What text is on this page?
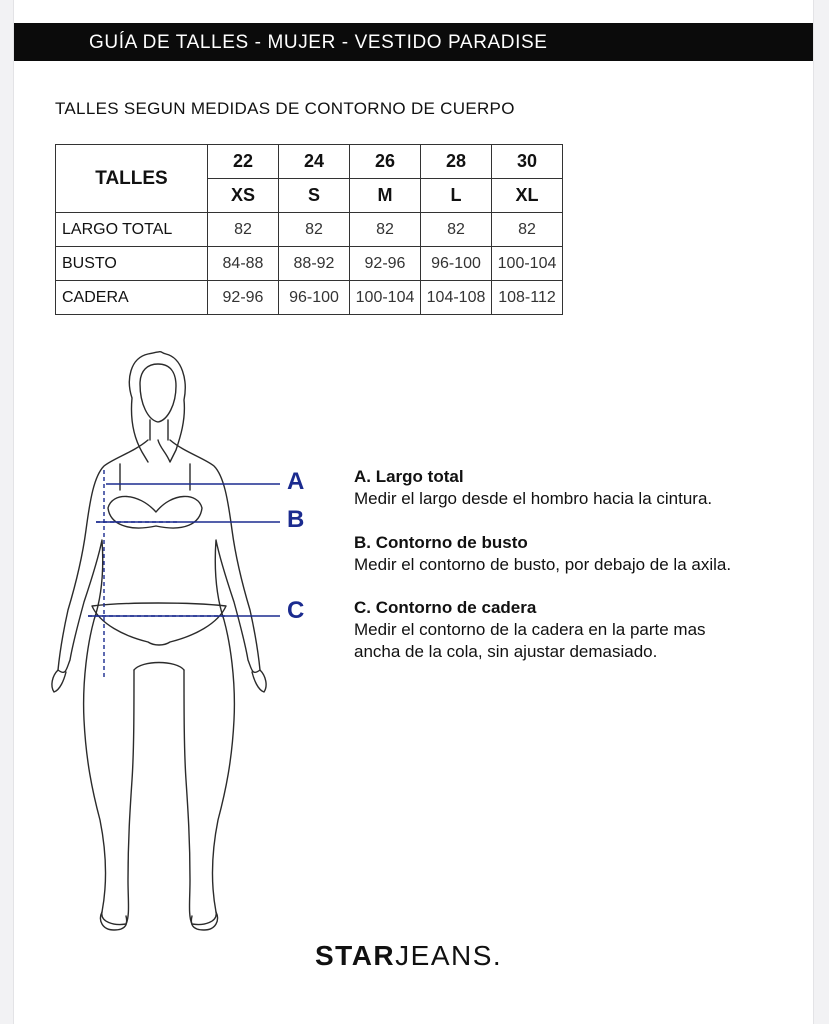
GUÍA DE TALLES - MUJER - VESTIDO PARADISE
TALLES SEGUN MEDIDAS DE CONTORNO DE CUERPO
TALLES	22	24	26	28	30
	XS	S	M	L	XL
LARGO TOTAL	82	82	82	82	82
BUSTO	84-88	88-92	92-96	96-100	100-104
CADERA	92-96	96-100	100-104	104-108	108-112
A
B
C
A. Largo total
Medir el largo desde el hombro hacia la cintura.
B. Contorno de busto
Medir el contorno de busto, por debajo de la axila.
C. Contorno de cadera
Medir el contorno de la cadera en la parte mas
ancha de la cola, sin ajustar demasiado.
STARJEANS.
